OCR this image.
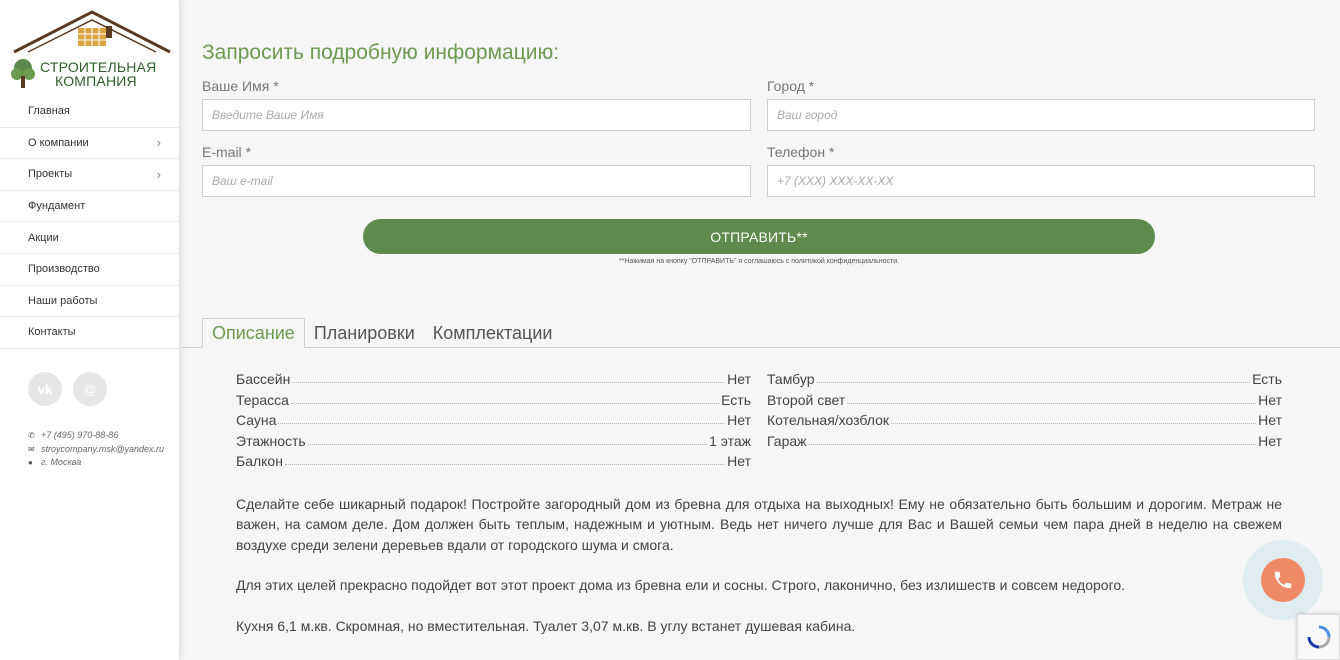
СТРОИТЕЛЬНАЯ
КОМПАНИЯ
Главная
О компании	›
Проекты	›
Фундамент
Акции
Производство
Наши работы
Контакты
vk	@
✆ +7 (495) 970-88-86
✉ stroycompany.msk@yandex.ru
● г. Москва
Запросить подробную информацию:
Ваше Имя *
Введите Ваше Имя
Город *
Ваш город
E-mail *
Ваш e-mail
Телефон *
+7 (XXX) XXX-XX-XX
ОТПРАВИТЬ**
**Нажимая на кнопку "ОТПРАВИТЬ" я соглашаюсь с политикой конфиденциальности.
Описание	Планировки	Комплектации
Бассейн	Нет
Терасса	Есть
Сауна	Нет
Этажность	1 этаж
Балкон	Нет
Тамбур	Есть
Второй свет	Нет
Котельная/хозблок	Нет
Гараж	Нет

Сделайте себе шикарный подарок! Постройте загородный дом из бревна для отдыха на выходных! Ему не обязательно быть большим и дорогим. Метраж не важен, на самом деле. Дом должен быть теплым, надежным и уютным. Ведь нет ничего лучше для Вас и Вашей семьи чем пара дней в неделю на свежем воздухе среди зелени деревьев вдали от городского шума и смога.

Для этих целей прекрасно подойдет вот этот проект дома из бревна ели и сосны. Строго, лаконично, без излишеств и совсем недорого.

Кухня 6,1 м.кв. Скромная, но вместительная. Туалет 3,07 м.кв. В углу встанет душевая кабина.
